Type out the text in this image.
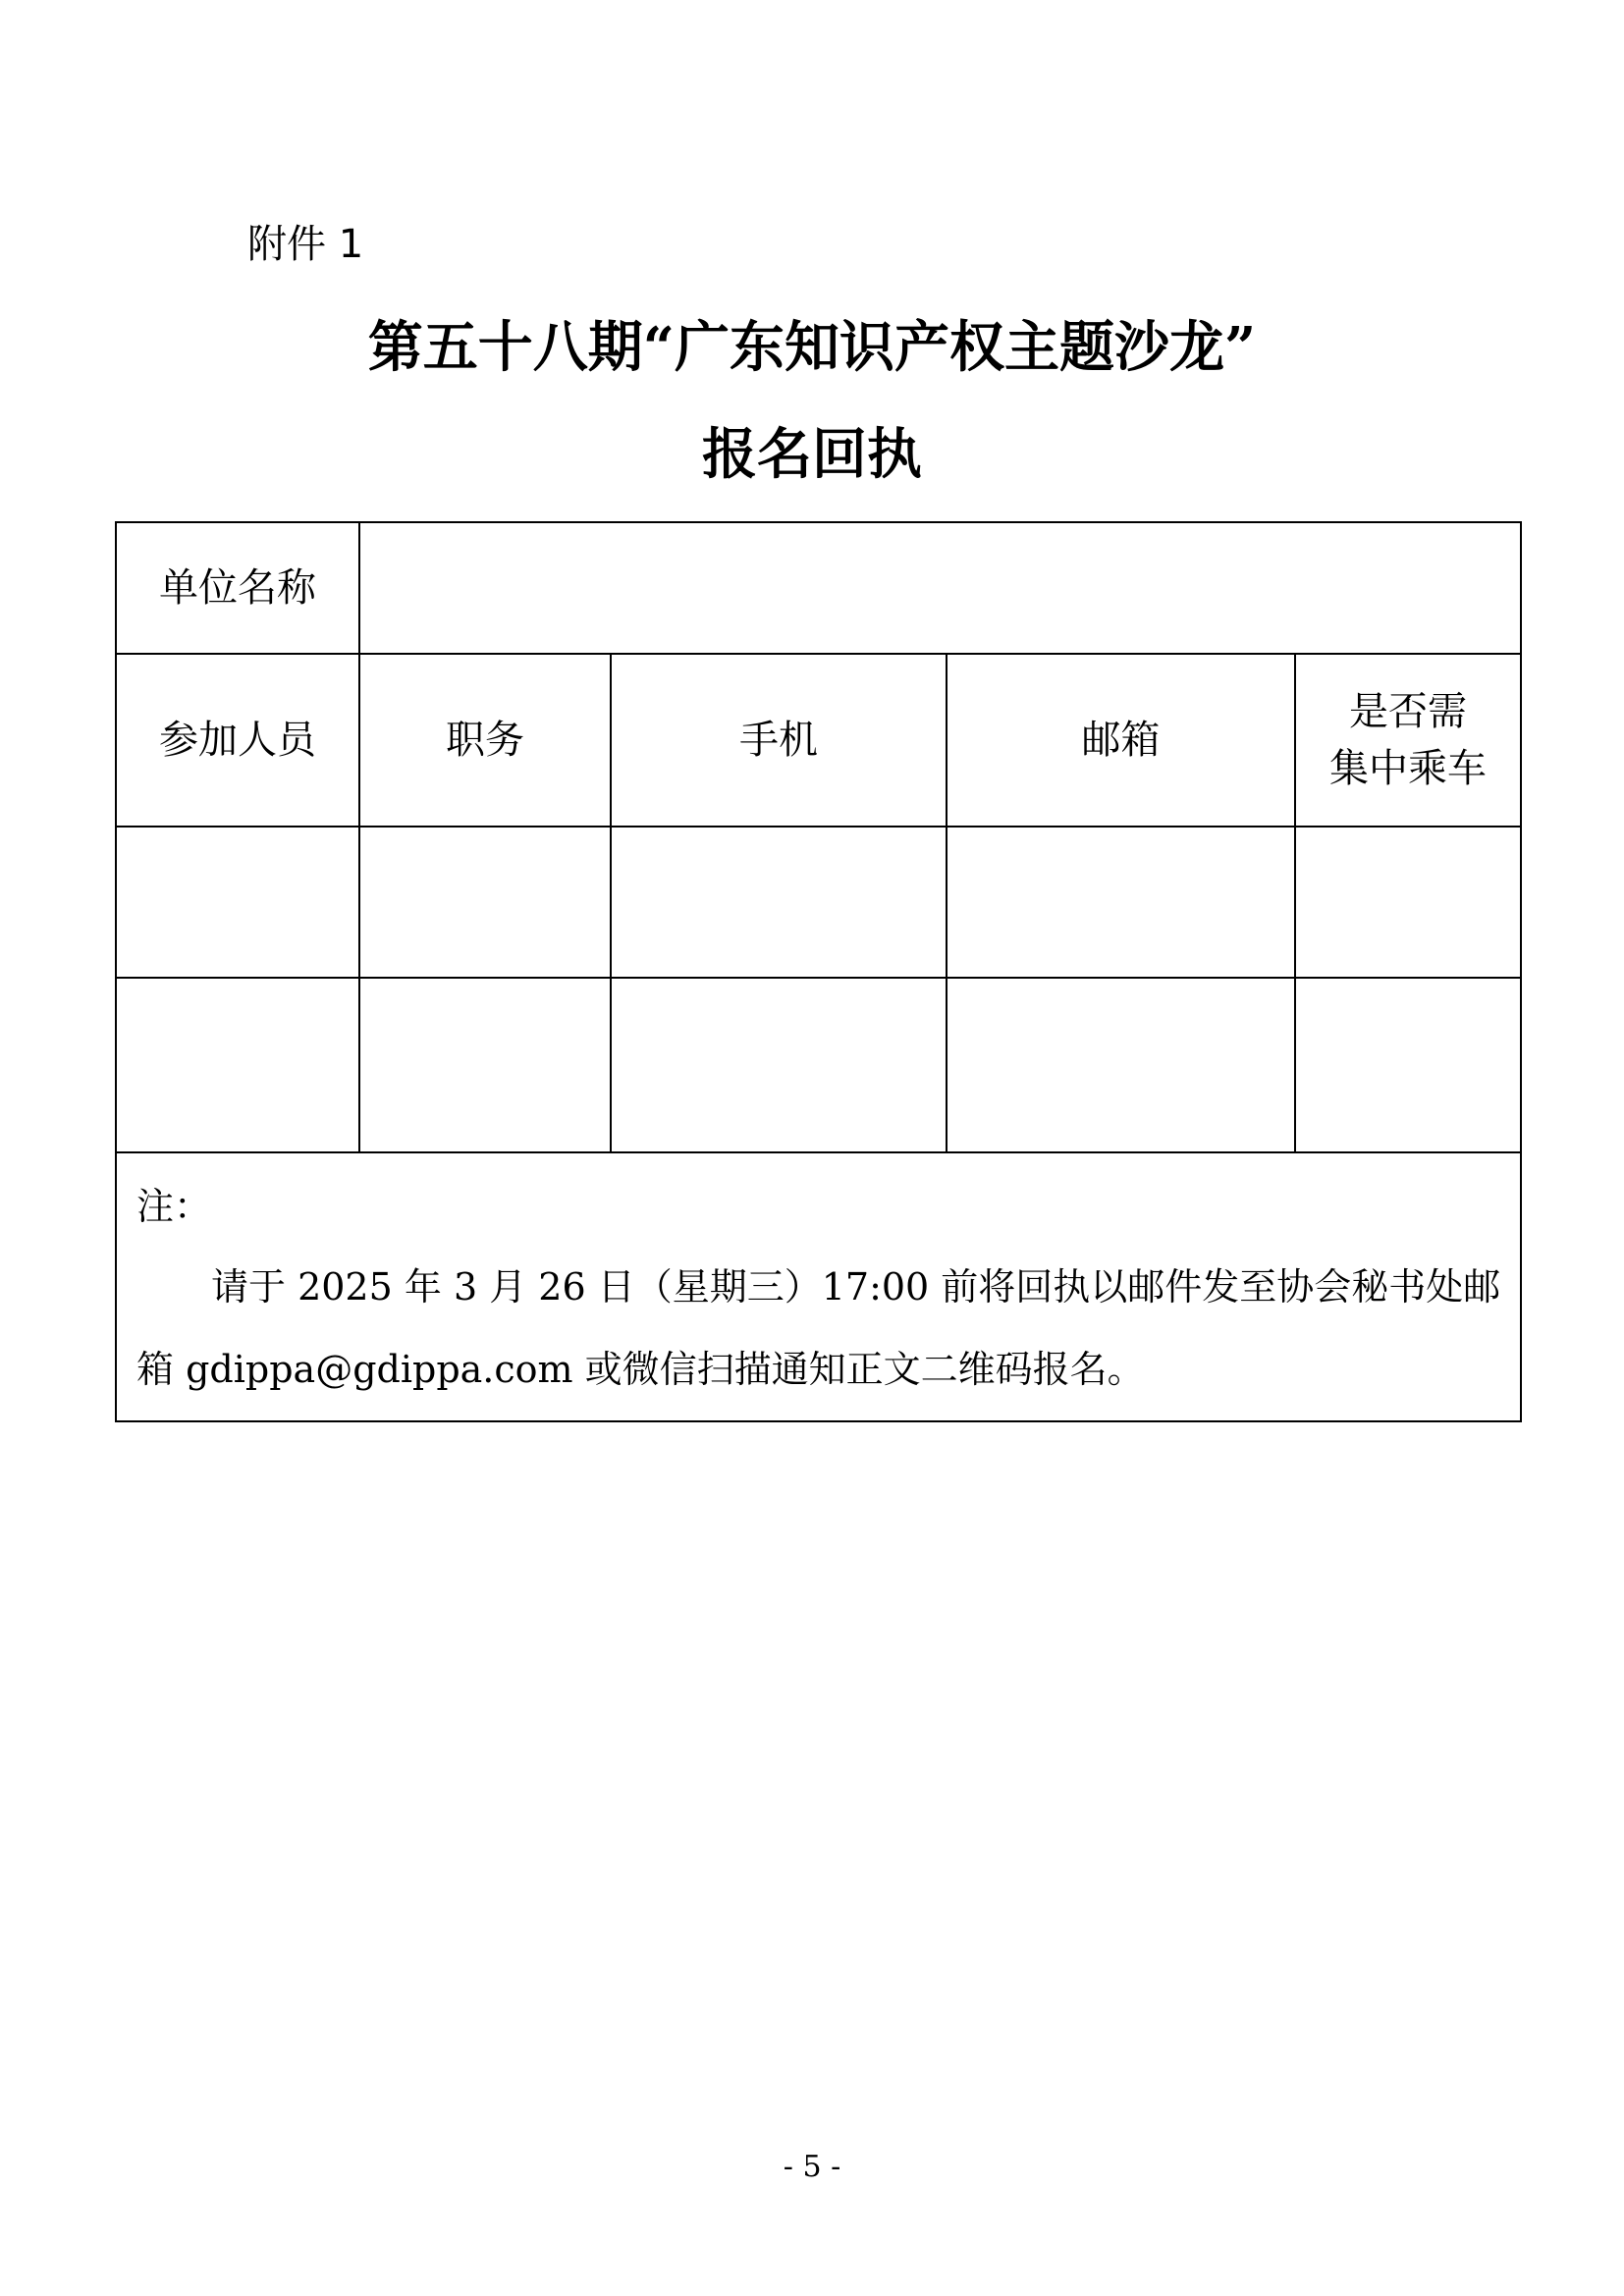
附件 1
第五十八期“广东知识产权主题沙龙”
报名回执
单位名称				
参加人员	职务	手机	邮箱	是否需
集中乘车

注：
请于 2025 年 3 月 26 日（星期三）17:00 前将回执以邮件发至协会秘书处邮箱 gdippa@gdippa.com 或微信扫描通知正文二维码报名。				
- 5 -
